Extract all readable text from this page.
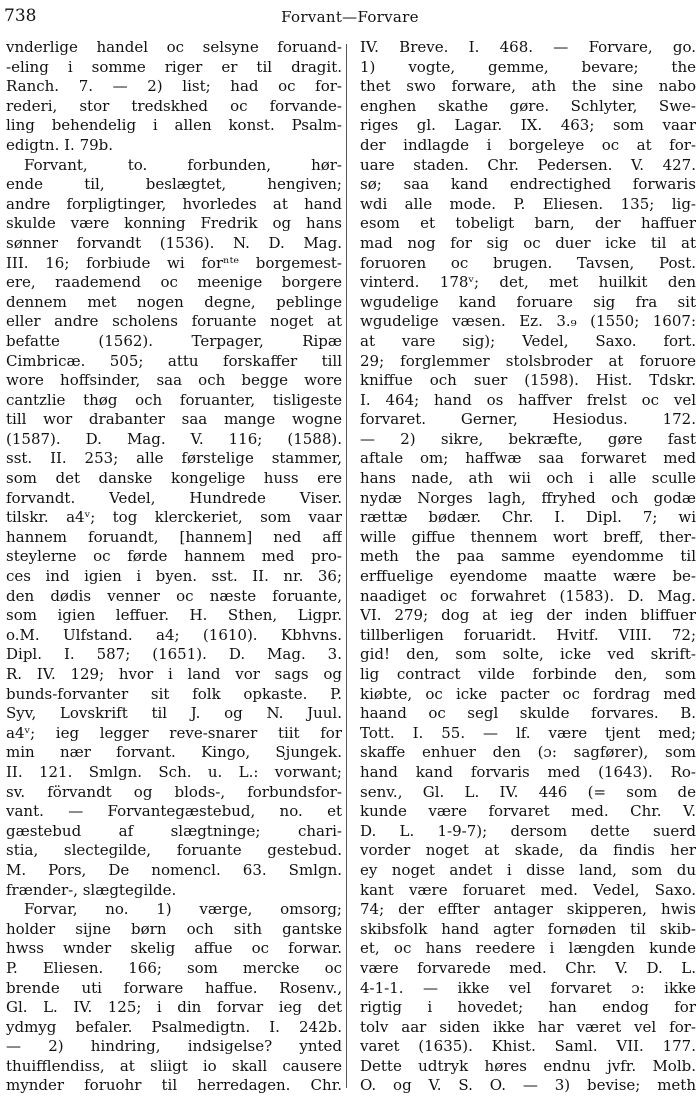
738	Forvant—Forvare
vnderlige handel oc selsyne foruand-
-eling i somme riger er til dragit.
Ranch. 7. — 2) list; had oc for-
rederi, stor tredskhed oc forvande-
ling behendelig i allen konst. Psalm-
edigtn. I. 79b.
Forvant, to. forbunden, hør-
ende til, beslægtet, hengiven;
andre forpligtinger, hvorledes at hand
skulde være konning Fredrik og hans
sønner forvandt (1536). N. D. Mag.
III. 16; forbiude wi forⁿᵗᵉ borgemest-
ere, raademend oc meenige borgere
dennem met nogen degne, peblinge
eller andre scholens foruante noget at
befatte (1562). Terpager, Ripæ
Cimbricæ. 505; attu forskaffer till
wore hoffsinder, saa och begge wore
cantzlie thøg och foruanter, tisligeste
till wor drabanter saa mange wogne
(1587). D. Mag. V. 116; (1588).
sst. II. 253; alle førstelige stammer,
som det danske kongelige huss ere
forvandt. Vedel, Hundrede Viser.
tilskr. a4ᵛ; tog klerckeriet, som vaar
hannem foruandt, [hannem] ned aff
steylerne oc førde hannem med pro-
ces ind igien i byen. sst. II. nr. 36;
den dødis venner oc næste foruante,
som igien leffuer. H. Sthen, Ligpr.
o.M. Ulfstand. a4; (1610). Kbhvns.
Dipl. I. 587; (1651). D. Mag. 3.
R. IV. 129; hvor i land vor sags og
bunds-forvanter sit folk opkaste. P.
Syv, Lovskrift til J. og N. Juul.
a4ᵛ; ieg legger reve-snarer tiit for
min nær forvant. Kingo, Sjungek.
II. 121. Smlgn. Sch. u. L.: vorwant;
sv. förvandt og blods-, forbundsfor-
vant. — Forvantegæstebud, no. et
gæstebud af slægtninge; chari-
stia, slectegilde, foruante gestebud.
M. Pors, De nomencl. 63. Smlgn.
frænder-, slægtegilde.
Forvar, no. 1) værge, omsorg;
holder sijne børn och sith gantske
hwss wnder skelig affue oc forwar.
P. Eliesen. 166; som mercke oc
brende uti forware haffue. Rosenv.,
Gl. L. IV. 125; i din forvar ieg det
ydmyg befaler. Psalmedigtn. I. 242b.
— 2) hindring, indsigelse? ynted
thuifflendiss, at sliigt io skall causere
mynder foruohr til herredagen. Chr.
IV. Breve. I. 468. — Forvare, go.
1) vogte, gemme, bevare; the
thet swo forware, ath the sine nabo
enghen skathe gøre. Schlyter, Swe-
riges gl. Lagar. IX. 463; som vaar
der indlagde i borgeleye oc at for-
uare staden. Chr. Pedersen. V. 427.
sø; saa kand endrectighed forwaris
wdi alle mode. P. Eliesen. 135; lig-
esom et tobeligt barn, der haffuer
mad nog for sig oc duer icke til at
foruoren oc brugen. Tavsen, Post.
vinterd. 178ᵛ; det, met huilkit den
wgudelige kand foruare sig fra sit
wgudelige væsen. Ez. 3.₉ (1550; 1607:
at vare sig); Vedel, Saxo. fort.
29; forglemmer stolsbroder at foruore
kniffue och suer (1598). Hist. Tdskr.
I. 464; hand os haffver frelst oc vel
forvaret. Gerner, Hesiodus. 172.
— 2) sikre, bekræfte, gøre fast
aftale om; haffwæ saa forwaret med
hans nade, ath wii och i alle sculle
nydæ Norges lagh, ffryhed och godæ
rættæ bødær. Chr. I. Dipl. 7; wi
wille giffue thennem wort breff, ther-
meth the paa samme eyendomme til
erffuelige eyendome maatte wære be-
naadiget oc forwahret (1583). D. Mag.
VI. 279; dog at ieg der inden bliffuer
tillberligen foruaridt. Hvitf. VIII. 72;
gid! den, som solte, icke ved skrift-
lig contract vilde forbinde den, som
kiøbte, oc icke pacter oc fordrag med
haand oc segl skulde forvares. B.
Tott. I. 55. — lf. være tjent med;
skaffe enhuer den (ɔ: sagfører), som
hand kand forvaris med (1643). Ro-
senv., Gl. L. IV. 446 (= som de
kunde være forvaret med. Chr. V.
D. L. 1-9-7); dersom dette suerd
vorder noget at skade, da findis her
ey noget andet i disse land, som du
kant være foruaret med. Vedel, Saxo.
74; der effter antager skipperen, hwis
skibsfolk hand agter fornøden til skib-
et, oc hans reedere i længden kunde
være forvarede med. Chr. V. D. L.
4-1-1. — ikke vel forvaret ɔ: ikke
rigtig i hovedet; han endog for
tolv aar siden ikke har været vel for-
varet (1635). Khist. Saml. VII. 177.
Dette udtryk høres endnu jvfr. Molb.
O. og V. S. O. — 3) bevise; meth
